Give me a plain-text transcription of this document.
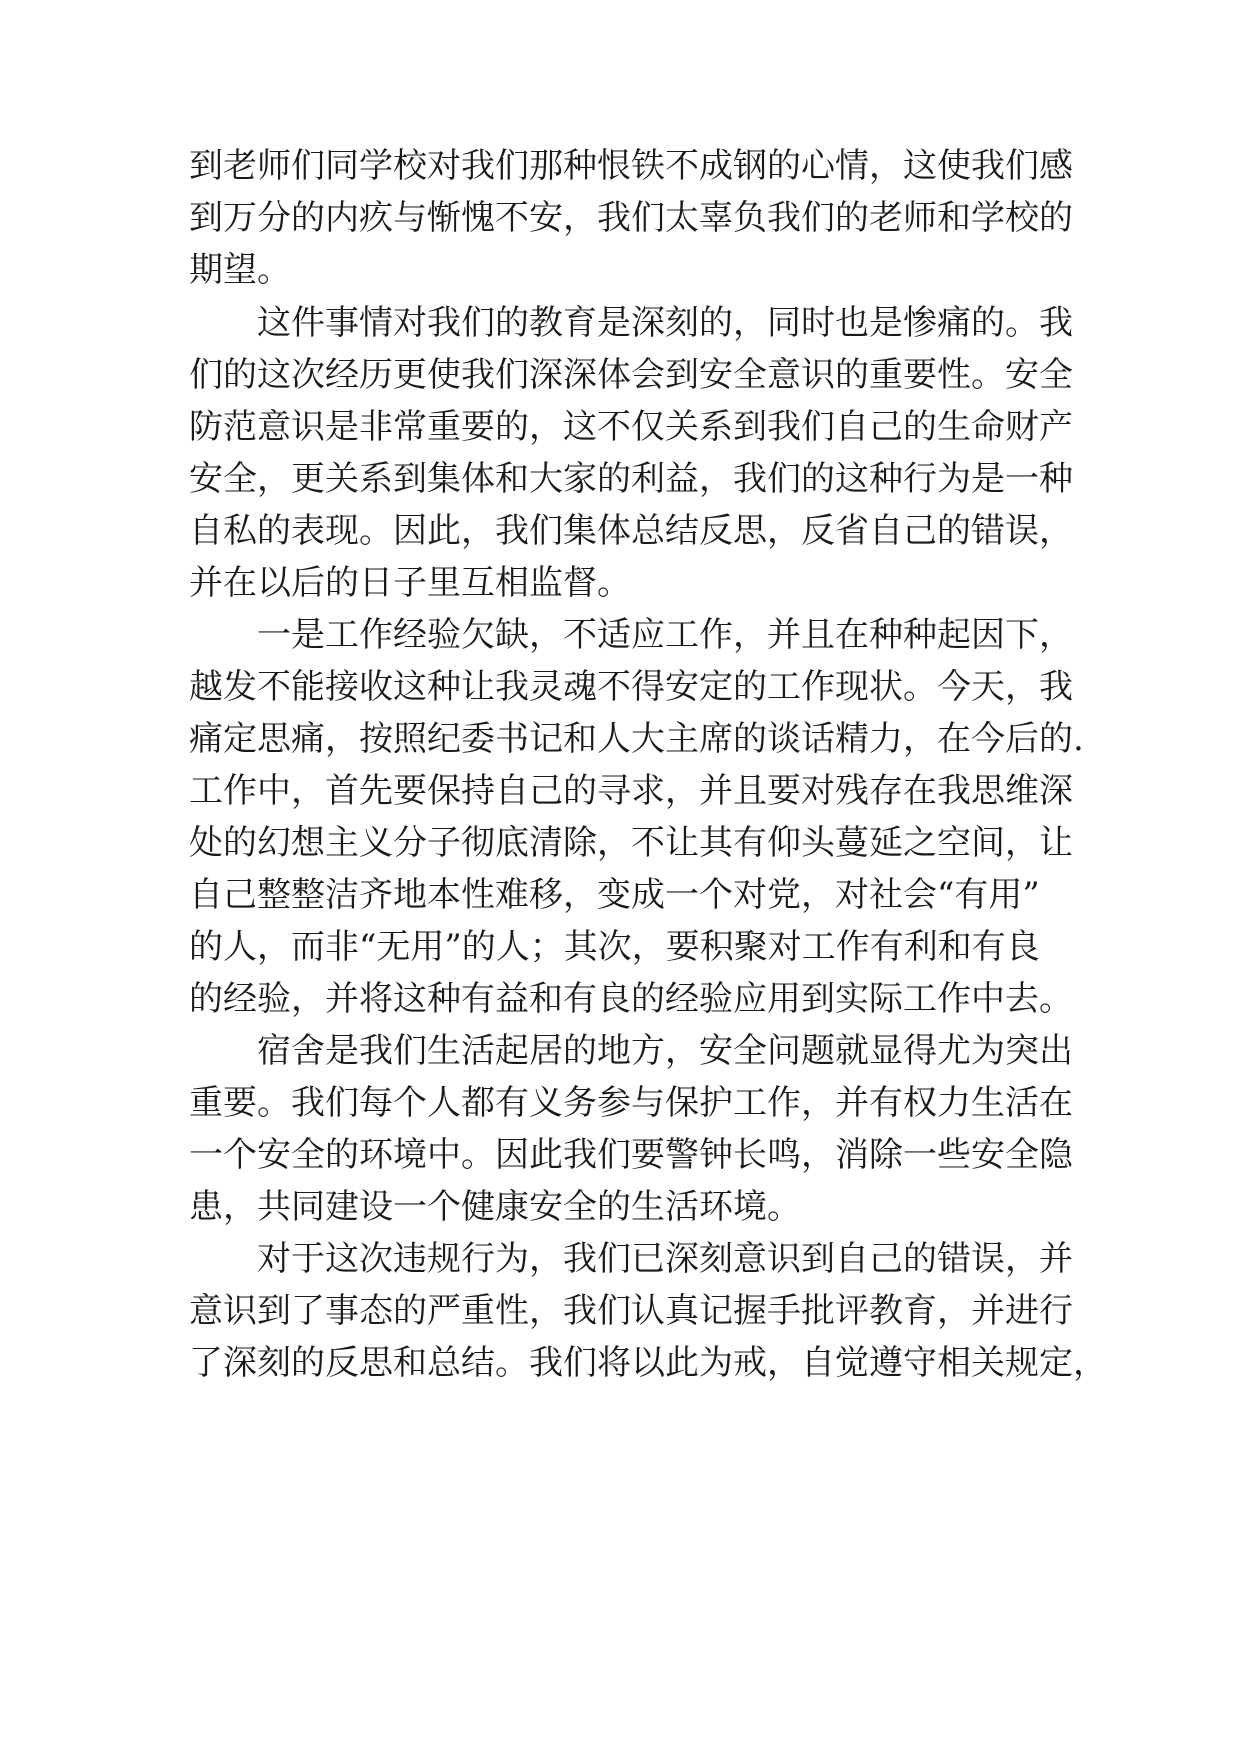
到老师们同学校对我们那种恨铁不成钢的心情，这使我们感
到万分的内疚与惭愧不安，我们太辜负我们的老师和学校的
期望。
这件事情对我们的教育是深刻的，同时也是惨痛的。我
们的这次经历更使我们深深体会到安全意识的重要性。安全
防范意识是非常重要的，这不仅关系到我们自己的生命财产
安全，更关系到集体和大家的利益，我们的这种行为是一种
自私的表现。因此，我们集体总结反思，反省自己的错误，
并在以后的日子里互相监督。
一是工作经验欠缺，不适应工作，并且在种种起因下，
越发不能接收这种让我灵魂不得安定的工作现状。今天，我
痛定思痛，按照纪委书记和人大主席的谈话精力，在今后的.
工作中，首先要保持自己的寻求，并且要对残存在我思维深
处的幻想主义分子彻底清除，不让其有仰头蔓延之空间，让
自己整整洁齐地本性难移，变成一个对党，对社会“有用”
的人，而非“无用”的人；其次，要积聚对工作有利和有良
的经验，并将这种有益和有良的经验应用到实际工作中去。
宿舍是我们生活起居的地方，安全问题就显得尤为突出
重要。我们每个人都有义务参与保护工作，并有权力生活在
一个安全的环境中。因此我们要警钟长鸣，消除一些安全隐
患，共同建设一个健康安全的生活环境。
对于这次违规行为，我们已深刻意识到自己的错误，并
意识到了事态的严重性，我们认真记握手批评教育，并进行
了深刻的反思和总结。我们将以此为戒，自觉遵守相关规定，
